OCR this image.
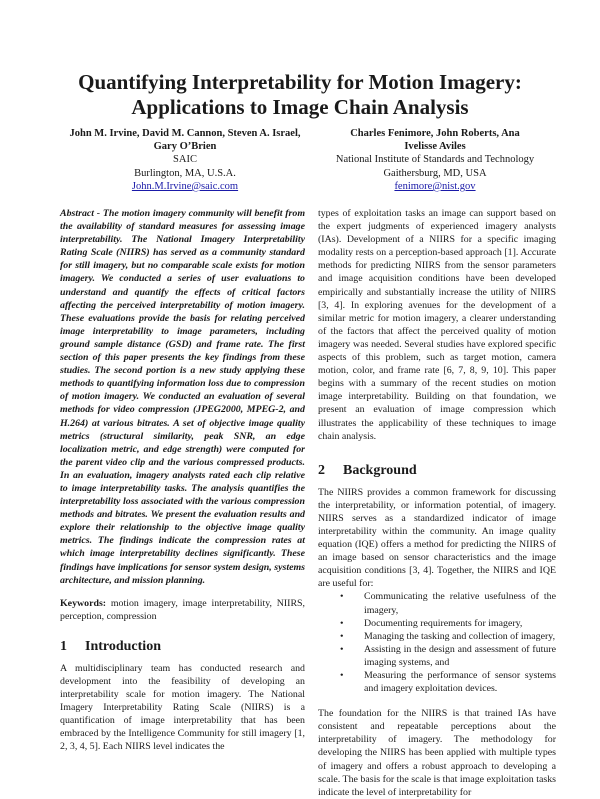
Quantifying Interpretability for Motion Imagery:
Applications to Image Chain Analysis
John M. Irvine, David M. Cannon, Steven A. Israel,
Gary O’Brien
SAIC
Burlington, MA, U.S.A.
John.M.Irvine@saic.com
Charles Fenimore, John Roberts, Ana
Ivelisse Aviles
National Institute of Standards and Technology
Gaithersburg, MD, USA
fenimore@nist.gov

Abstract - The motion imagery community will benefit from the availability of standard measures for assessing image interpretability. The National Imagery Interpretability Rating Scale (NIIRS) has served as a community standard for still imagery, but no comparable scale exists for motion imagery. We conducted a series of user evaluations to understand and quantify the effects of critical factors affecting the perceived interpretability of motion imagery. These evaluations provide the basis for relating perceived image interpretability to image parameters, including ground sample distance (GSD) and frame rate. The first section of this paper presents the key findings from these studies. The second portion is a new study applying these methods to quantifying information loss due to compression of motion imagery. We conducted an evaluation of several methods for video compression (JPEG2000, MPEG-2, and H.264) at various bitrates. A set of objective image quality metrics (structural similarity, peak SNR, an edge localization metric, and edge strength) were computed for the parent video clip and the various compressed products. In an evaluation, imagery analysts rated each clip relative to image interpretability tasks. The analysis quantifies the interpretability loss associated with the various compression methods and bitrates. We present the evaluation results and explore their relationship to the objective image quality metrics. The findings indicate the compression rates at which image interpretability declines significantly. These findings have implications for sensor system design, systems architecture, and mission planning.

Keywords: motion imagery, image interpretability, NIIRS, perception, compression

1 Introduction

A multidisciplinary team has conducted research and development into the feasibility of developing an interpretability scale for motion imagery. The National Imagery Interpretability Rating Scale (NIIRS) is a quantification of image interpretability that has been embraced by the Intelligence Community for still imagery [1, 2, 3, 4, 5]. Each NIIRS level indicates the

types of exploitation tasks an image can support based on the expert judgments of experienced imagery analysts (IAs). Development of a NIIRS for a specific imaging modality rests on a perception-based approach [1]. Accurate methods for predicting NIIRS from the sensor parameters and image acquisition conditions have been developed empirically and substantially increase the utility of NIIRS [3, 4]. In exploring avenues for the development of a similar metric for motion imagery, a clearer understanding of the factors that affect the perceived quality of motion imagery was needed. Several studies have explored specific aspects of this problem, such as target motion, camera motion, color, and frame rate [6, 7, 8, 9, 10]. This paper begins with a summary of the recent studies on motion image interpretability. Building on that foundation, we present an evaluation of image compression which illustrates the applicability of these techniques to image chain analysis.

2 Background

The NIIRS provides a common framework for discussing the interpretability, or information potential, of imagery. NIIRS serves as a standardized indicator of image interpretability within the community. An image quality equation (IQE) offers a method for predicting the NIIRS of an image based on sensor characteristics and the image acquisition conditions [3, 4]. Together, the NIIRS and IQE are useful for:

• Communicating the relative usefulness of the imagery,
• Documenting requirements for imagery,
• Managing the tasking and collection of imagery,
• Assisting in the design and assessment of future imaging systems, and
• Measuring the performance of sensor systems and imagery exploitation devices.

The foundation for the NIIRS is that trained IAs have consistent and repeatable perceptions about the interpretability of imagery. The methodology for developing the NIIRS has been applied with multiple types of imagery and offers a robust approach to developing a scale. The basis for the scale is that image exploitation tasks indicate the level of interpretability for
